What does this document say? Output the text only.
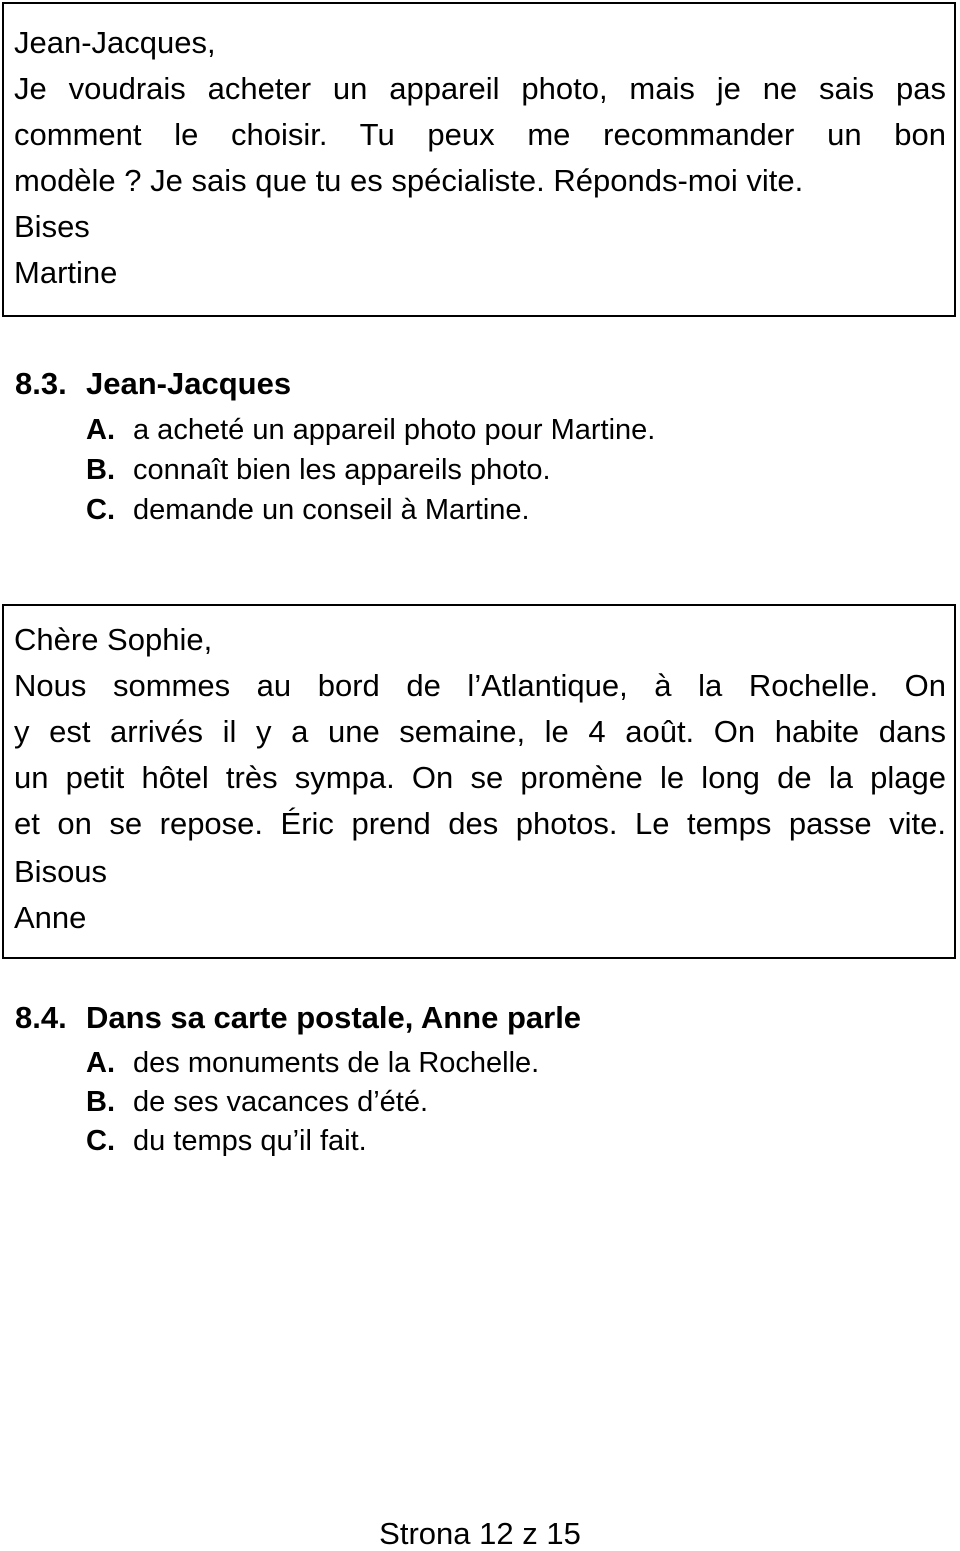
Jean-Jacques,
Je voudrais acheter un appareil photo, mais je ne sais pas
comment le choisir. Tu peux me recommander un bon
modèle ? Je sais que tu es spécialiste. Réponds-moi vite.
Bises
Martine
8.3. Jean-Jacques
A. a acheté un appareil photo pour Martine.
B. connaît bien les appareils photo.
C. demande un conseil à Martine.
Chère Sophie,
Nous sommes au bord de l’Atlantique, à la Rochelle. On
y est arrivés il y a une semaine, le 4 août. On habite dans
un petit hôtel très sympa. On se promène le long de la plage
et on se repose. Éric prend des photos. Le temps passe vite.
Bisous
Anne
8.4. Dans sa carte postale, Anne parle
A. des monuments de la Rochelle.
B. de ses vacances d’été.
C. du temps qu’il fait.
Strona 12 z 15
